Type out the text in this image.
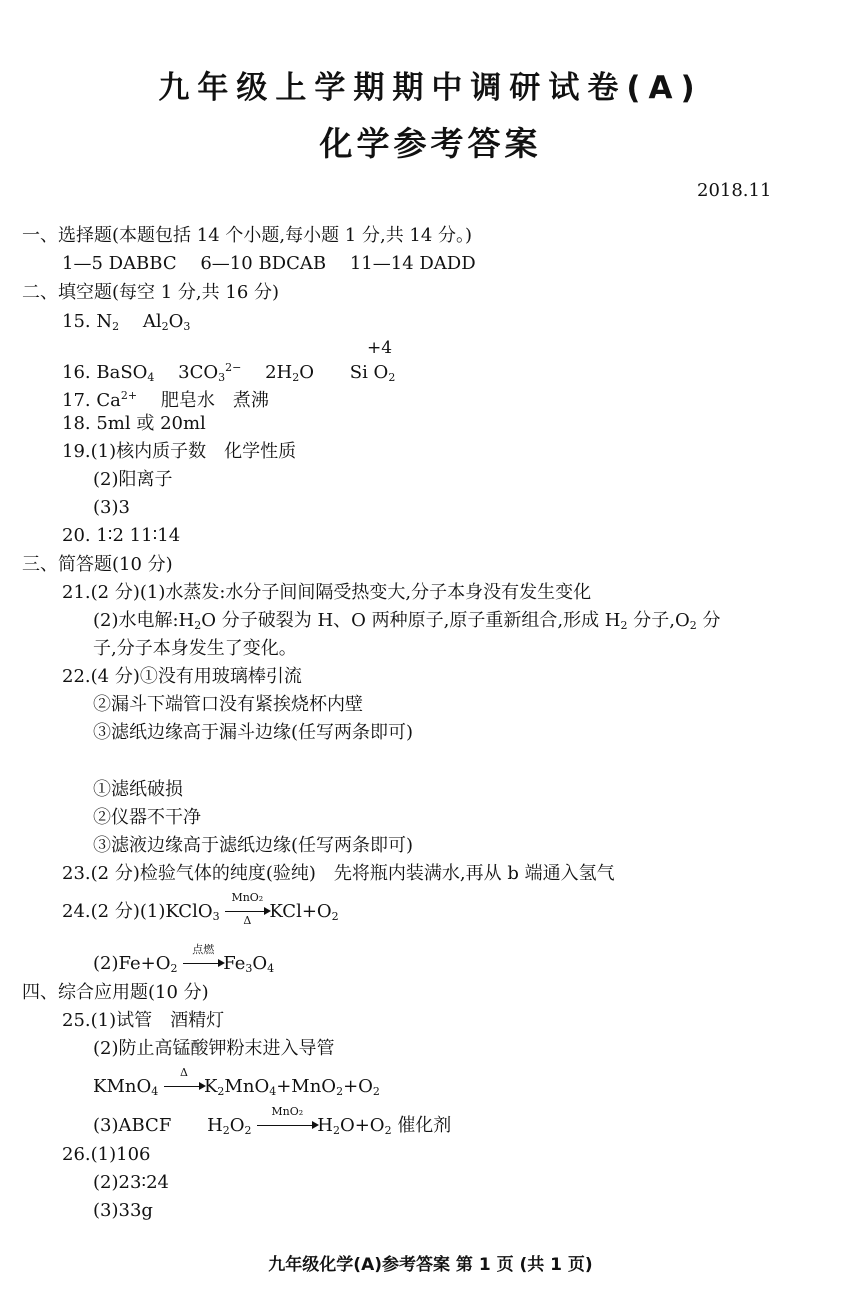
九年级上学期期中调研试卷(A)
化学参考答案
2018.11
一、选择题(本题包括 14 个小题,每小题 1 分,共 14 分。)
1—5 DABBC 6—10 BDCAB 11—14 DADD
二、填空题(每空 1 分,共 16 分)
15. $N_2$ $Al_2O_3$
+4
16. BaSO$_4$ $3CO_3^{2-}$ $2H_2O$ Si $O_2$
17. $Ca^{2+}$ 肥皂水 煮沸
18. 5ml 或 20ml
19.(1)核内质子数 化学性质
(2)阳离子
(3)3
20. 1∶2 11∶14
三、简答题(10 分)
21.(2 分)(1)水蒸发:水分子间间隔受热变大,分子本身没有发生变化
(2)水电解$:H_2O$ 分子破裂为 H、O 两种原子,原子重新组合,形成 $H_2$ 分子$,O_2$ 分
子,分子本身发生了变化。
22.(4 分)①没有用玻璃棒引流
②漏斗下端管口没有紧挨烧杯内壁
③滤纸边缘高于漏斗边缘(任写两条即可)
①滤纸破损
②仪器不干净
③滤液边缘高于滤纸边缘(任写两条即可)
23.(2 分)检验气体的纯度(验纯) 先将瓶内装满水,再从 b 端通入氢气
24.(2 分)(1)KClO$_3$
MnO₂
Δ	$KCl+O_2$
$(2)Fe+O_2$
点燃
$Fe_3O_4$
四、综合应用题(10 分)
25.(1)试管 酒精灯
(2)防止高锰酸钾粉末进入导管
KMnO$_4$
Δ
$K_2MnO_4+MnO_2+O_2$
(3)ABCF $H_2O_2$
MnO₂
$H_2O+O_2$ 催化剂
26.(1)106
(2)23∶24
(3)33g
九年级化学(A)参考答案 第 1 页 (共 1 页)
